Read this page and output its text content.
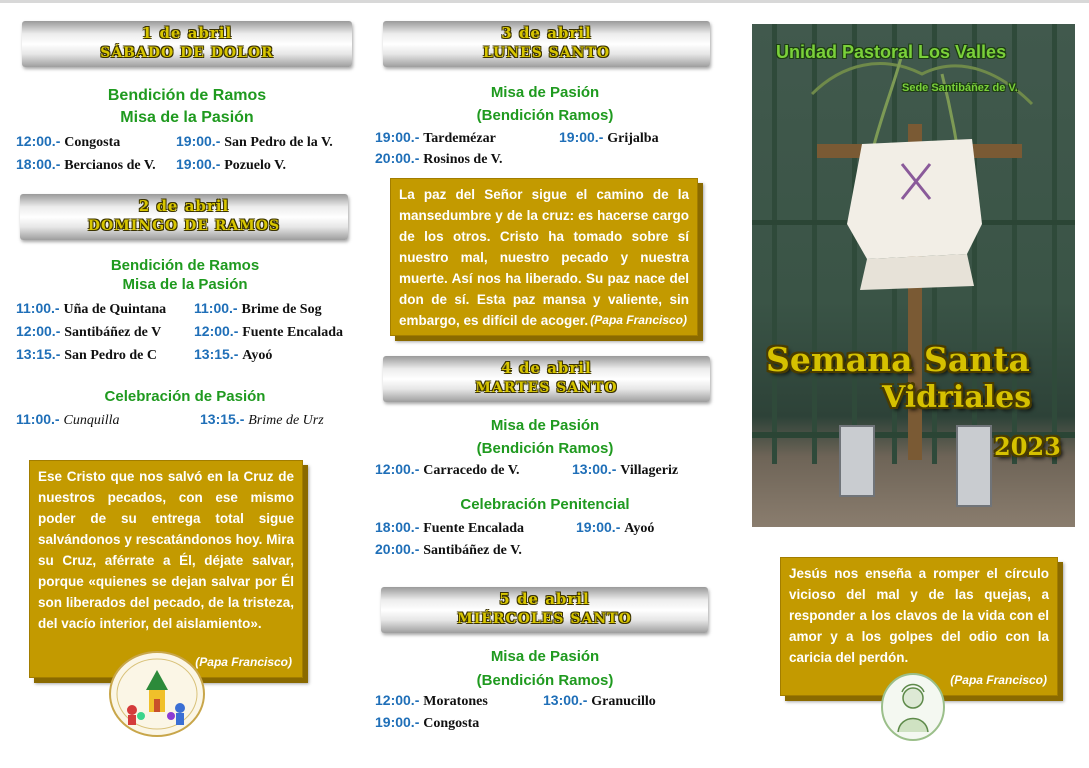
1 de abril
SÁBADO DE DOLOR
Bendición de Ramos
Misa de la Pasión
12:00.- Congosta	19:00.- San Pedro de la V.
18:00.- Bercianos de V. 19:00.- Pozuelo V.
2 de abril
DOMINGO DE RAMOS
Bendición de Ramos
Misa de la Pasión
11:00.- Uña de Quintana 11:00.- Brime de Sog
12:00.- Santibáñez de V 12:00.- Fuente Encalada
13:15.- San Pedro de C	13:15.- Ayoó
Celebración de Pasión
11:00.- Cunquilla	13:15.- Brime de Urz
Ese Cristo que nos salvó en la Cruz de nuestros pecados, con ese mismo poder de su entrega total sigue salvándonos y rescatándonos hoy. Mira su Cruz, aférrate a Él, déjate salvar, porque «quienes se dejan salvar por Él son liberados del pecado, de la tristeza, del vacío interior, del aislamiento».
(Papa Francisco)
3 de abril
LUNES SANTO
Misa de Pasión
(Bendición Ramos)
19:00.- Tardemézar	19:00.- Grijalba
20:00.- Rosinos de V.
La paz del Señor sigue el camino de la mansedumbre y de la cruz: es hacerse cargo de los otros. Cristo ha tomado sobre sí nuestro mal, nuestro pecado y nuestra muerte. Así nos ha liberado. Su paz nace del don de sí. Esta paz mansa y valiente, sin embargo, es difícil de acoger. (Papa Francisco)
4 de abril
MARTES SANTO
Misa de Pasión
(Bendición Ramos)
12:00.- Carracedo de V.	13:00.- Villageriz
Celebración Penitencial
18:00.- Fuente Encalada	19:00.- Ayoó
20:00.- Santibáñez de V.
5 de abril
MIÉRCOLES SANTO
Misa de Pasión
(Bendición Ramos)
12:00.- Moratones	13:00.- Granucillo
19:00.- Congosta
Unidad Pastoral Los Valles
Sede Santibáñez de V.
Semana Santa
Vidriales
2023
Jesús nos enseña a romper el círculo vicioso del mal y de las quejas, a responder a los clavos de la vida con el amor y a los golpes del odio con la caricia del perdón.
(Papa Francisco)
